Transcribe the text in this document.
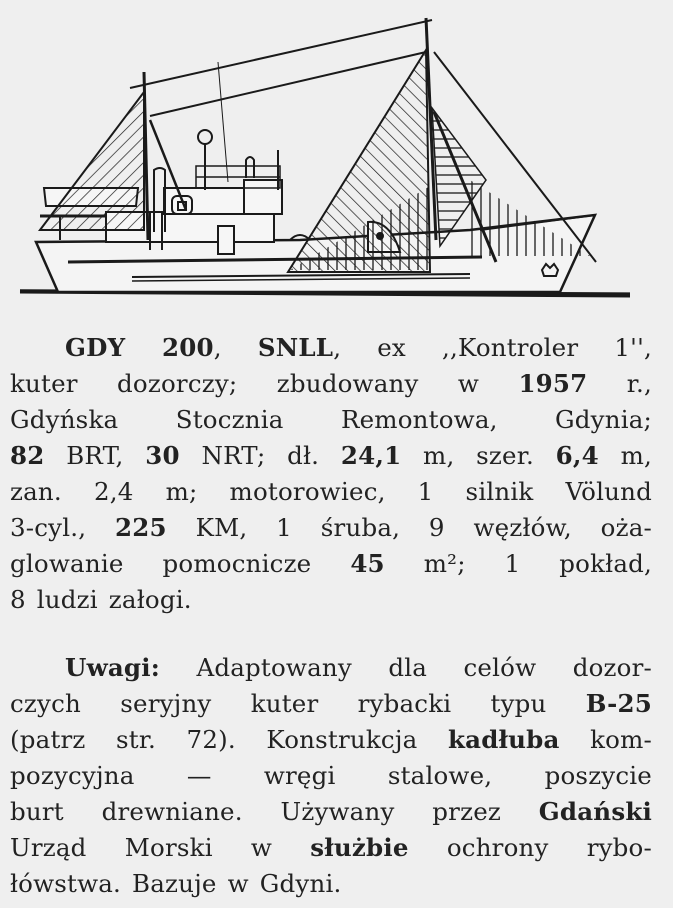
GDY 200, SNLL, ex ,,Kontroler 1'',
kuter dozorczy; zbudowany w 1957 r.,
Gdyńska Stocznia Remontowa, Gdynia;
82 BRT, 30 NRT; dł. 24,1 m, szer. 6,4 m,
zan. 2,4 m; motorowiec, 1 silnik Völund
3-cyl., 225 KM, 1 śruba, 9 węzłów, oża-
glowanie pomocnicze 45 m²; 1 pokład,
8 ludzi załogi.
Uwagi: Adaptowany dla celów dozor-
czych seryjny kuter rybacki typu B-25
(patrz str. 72). Konstrukcja kadłuba kom-
pozycyjna — wręgi stalowe, poszycie
burt drewniane. Używany przez Gdański
Urząd Morski w służbie ochrony rybo-
łówstwa. Bazuje w Gdyni.
